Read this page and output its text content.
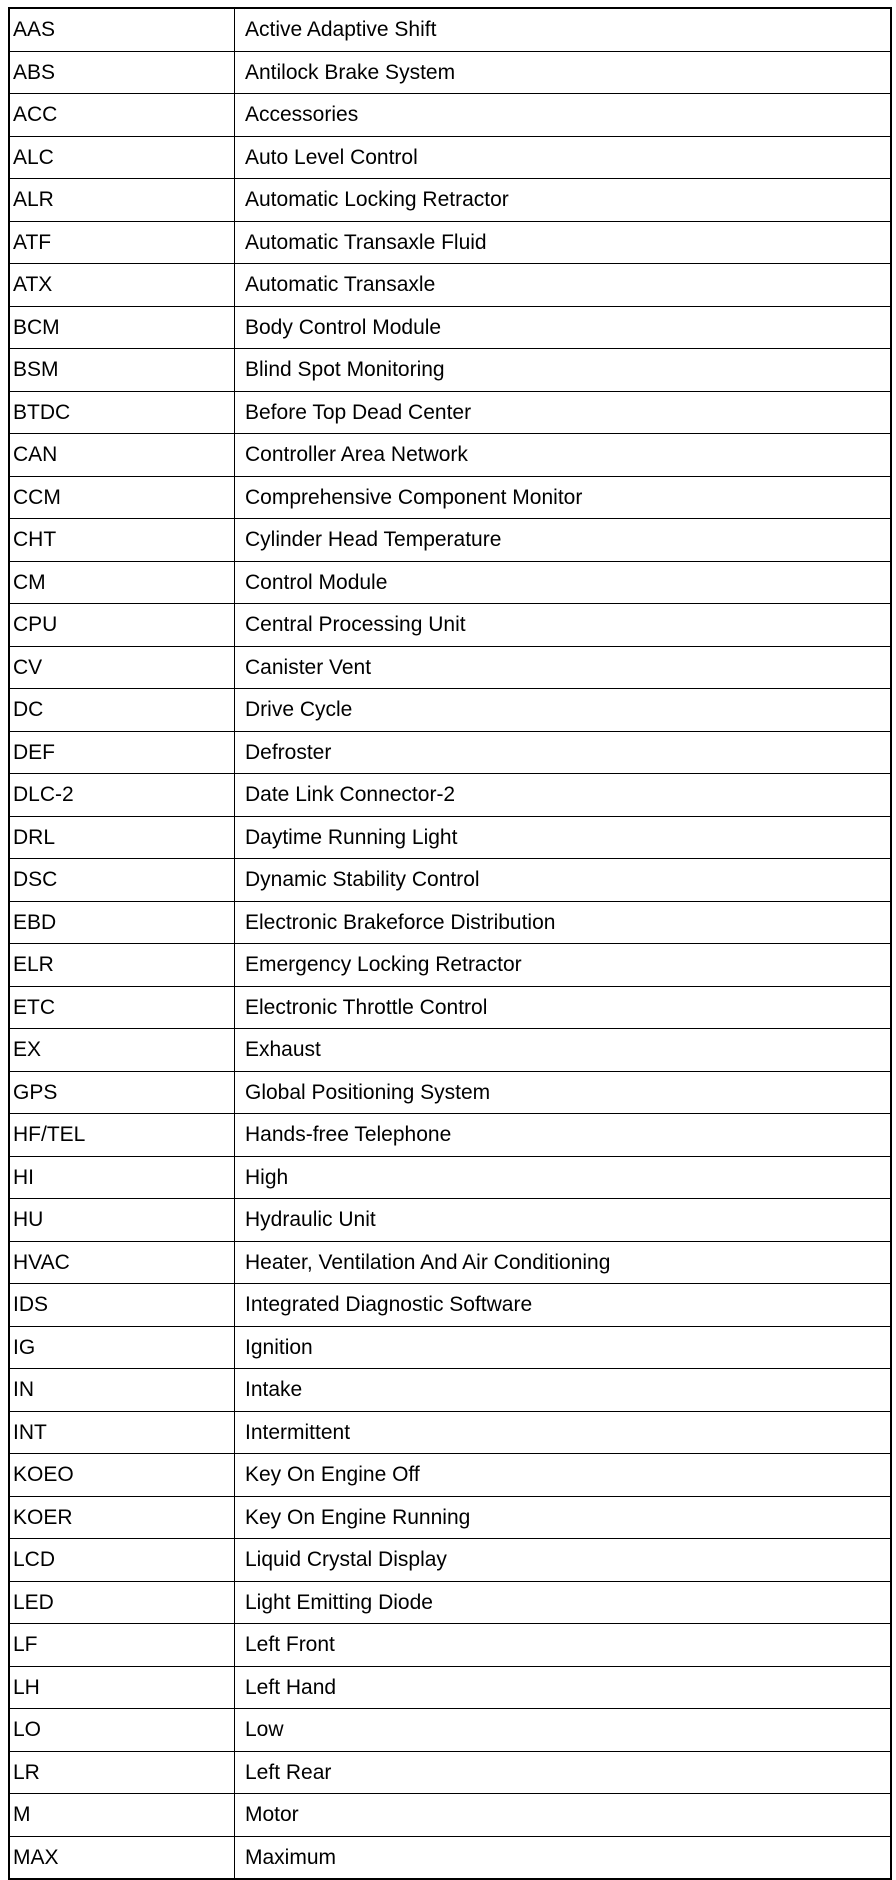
AAS	Active Adaptive Shift
ABS	Antilock Brake System
ACC	Accessories
ALC	Auto Level Control
ALR	Automatic Locking Retractor
ATF	Automatic Transaxle Fluid
ATX	Automatic Transaxle
BCM	Body Control Module
BSM	Blind Spot Monitoring
BTDC	Before Top Dead Center
CAN	Controller Area Network
CCM	Comprehensive Component Monitor
CHT	Cylinder Head Temperature
CM	Control Module
CPU	Central Processing Unit
CV	Canister Vent
DC	Drive Cycle
DEF	Defroster
DLC-2	Date Link Connector-2
DRL	Daytime Running Light
DSC	Dynamic Stability Control
EBD	Electronic Brakeforce Distribution
ELR	Emergency Locking Retractor
ETC	Electronic Throttle Control
EX	Exhaust
GPS	Global Positioning System
HF/TEL	Hands-free Telephone
HI	High
HU	Hydraulic Unit
HVAC	Heater, Ventilation And Air Conditioning
IDS	Integrated Diagnostic Software
IG	Ignition
IN	Intake
INT	Intermittent
KOEO	Key On Engine Off
KOER	Key On Engine Running
LCD	Liquid Crystal Display
LED	Light Emitting Diode
LF	Left Front
LH	Left Hand
LO	Low
LR	Left Rear
M	Motor
MAX	Maximum
